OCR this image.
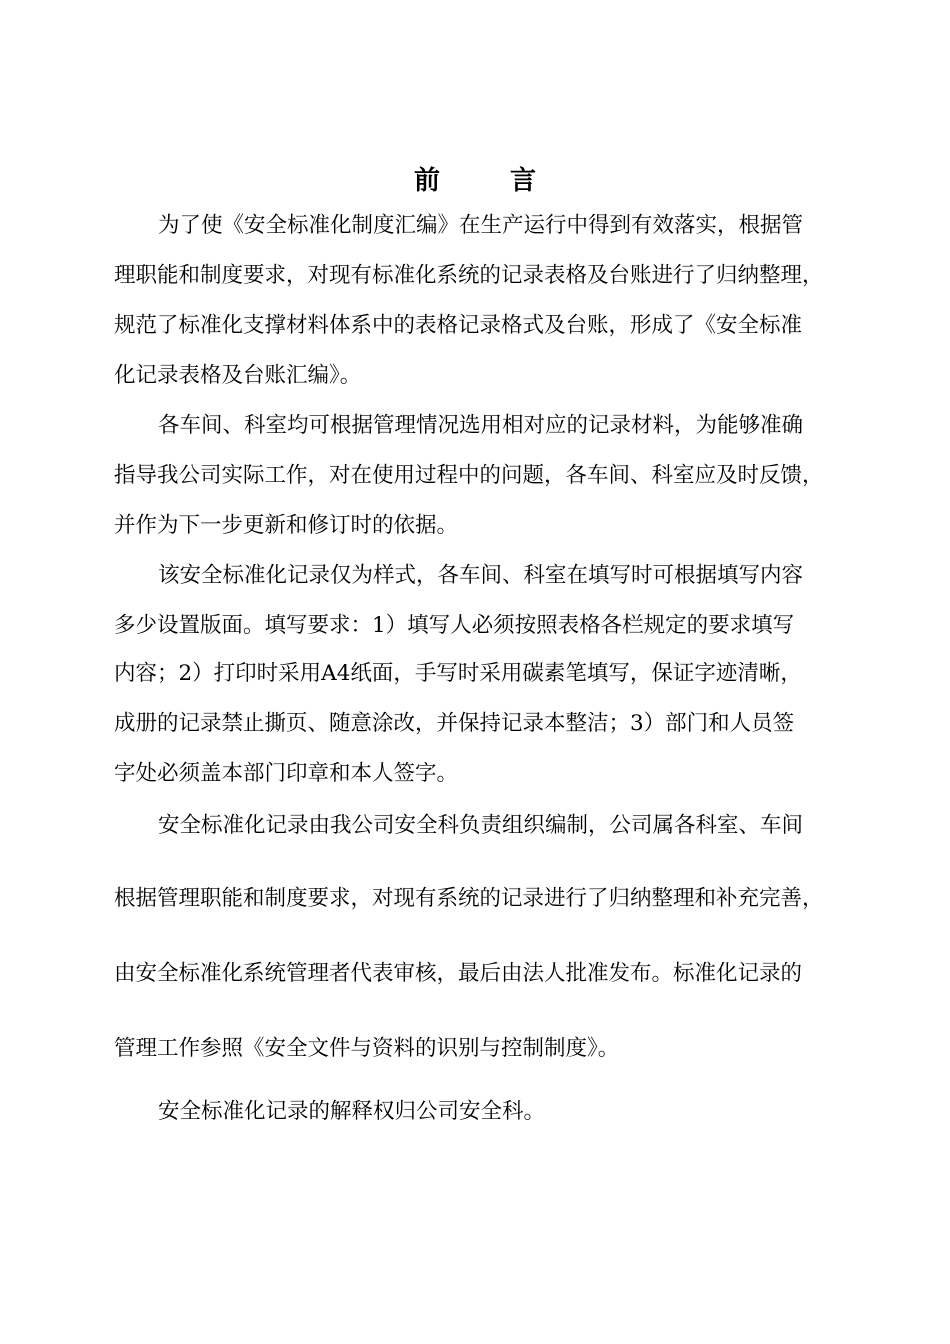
前	言
为了使《安全标准化制度汇编》在生产运行中得到有效落实，根据管
理职能和制度要求，对现有标准化系统的记录表格及台账进行了归纳整理，
规范了标准化支撑材料体系中的表格记录格式及台账，形成了《安全标准
化记录表格及台账汇编》。
各车间、科室均可根据管理情况选用相对应的记录材料，为能够准确
指导我公司实际工作，对在使用过程中的问题，各车间、科室应及时反馈，
并作为下一步更新和修订时的依据。
该安全标准化记录仅为样式，各车间、科室在填写时可根据填写内容
多少设置版面。填写要求：1）填写人必须按照表格各栏规定的要求填写
内容；2）打印时采用A4纸面，手写时采用碳素笔填写，保证字迹清晰，
成册的记录禁止撕页、随意涂改，并保持记录本整洁；3）部门和人员签
字处必须盖本部门印章和本人签字。
安全标准化记录由我公司安全科负责组织编制，公司属各科室、车间
根据管理职能和制度要求，对现有系统的记录进行了归纳整理和补充完善，
由安全标准化系统管理者代表审核，最后由法人批准发布。标准化记录的
管理工作参照《安全文件与资料的识别与控制制度》。
安全标准化记录的解释权归公司安全科。
